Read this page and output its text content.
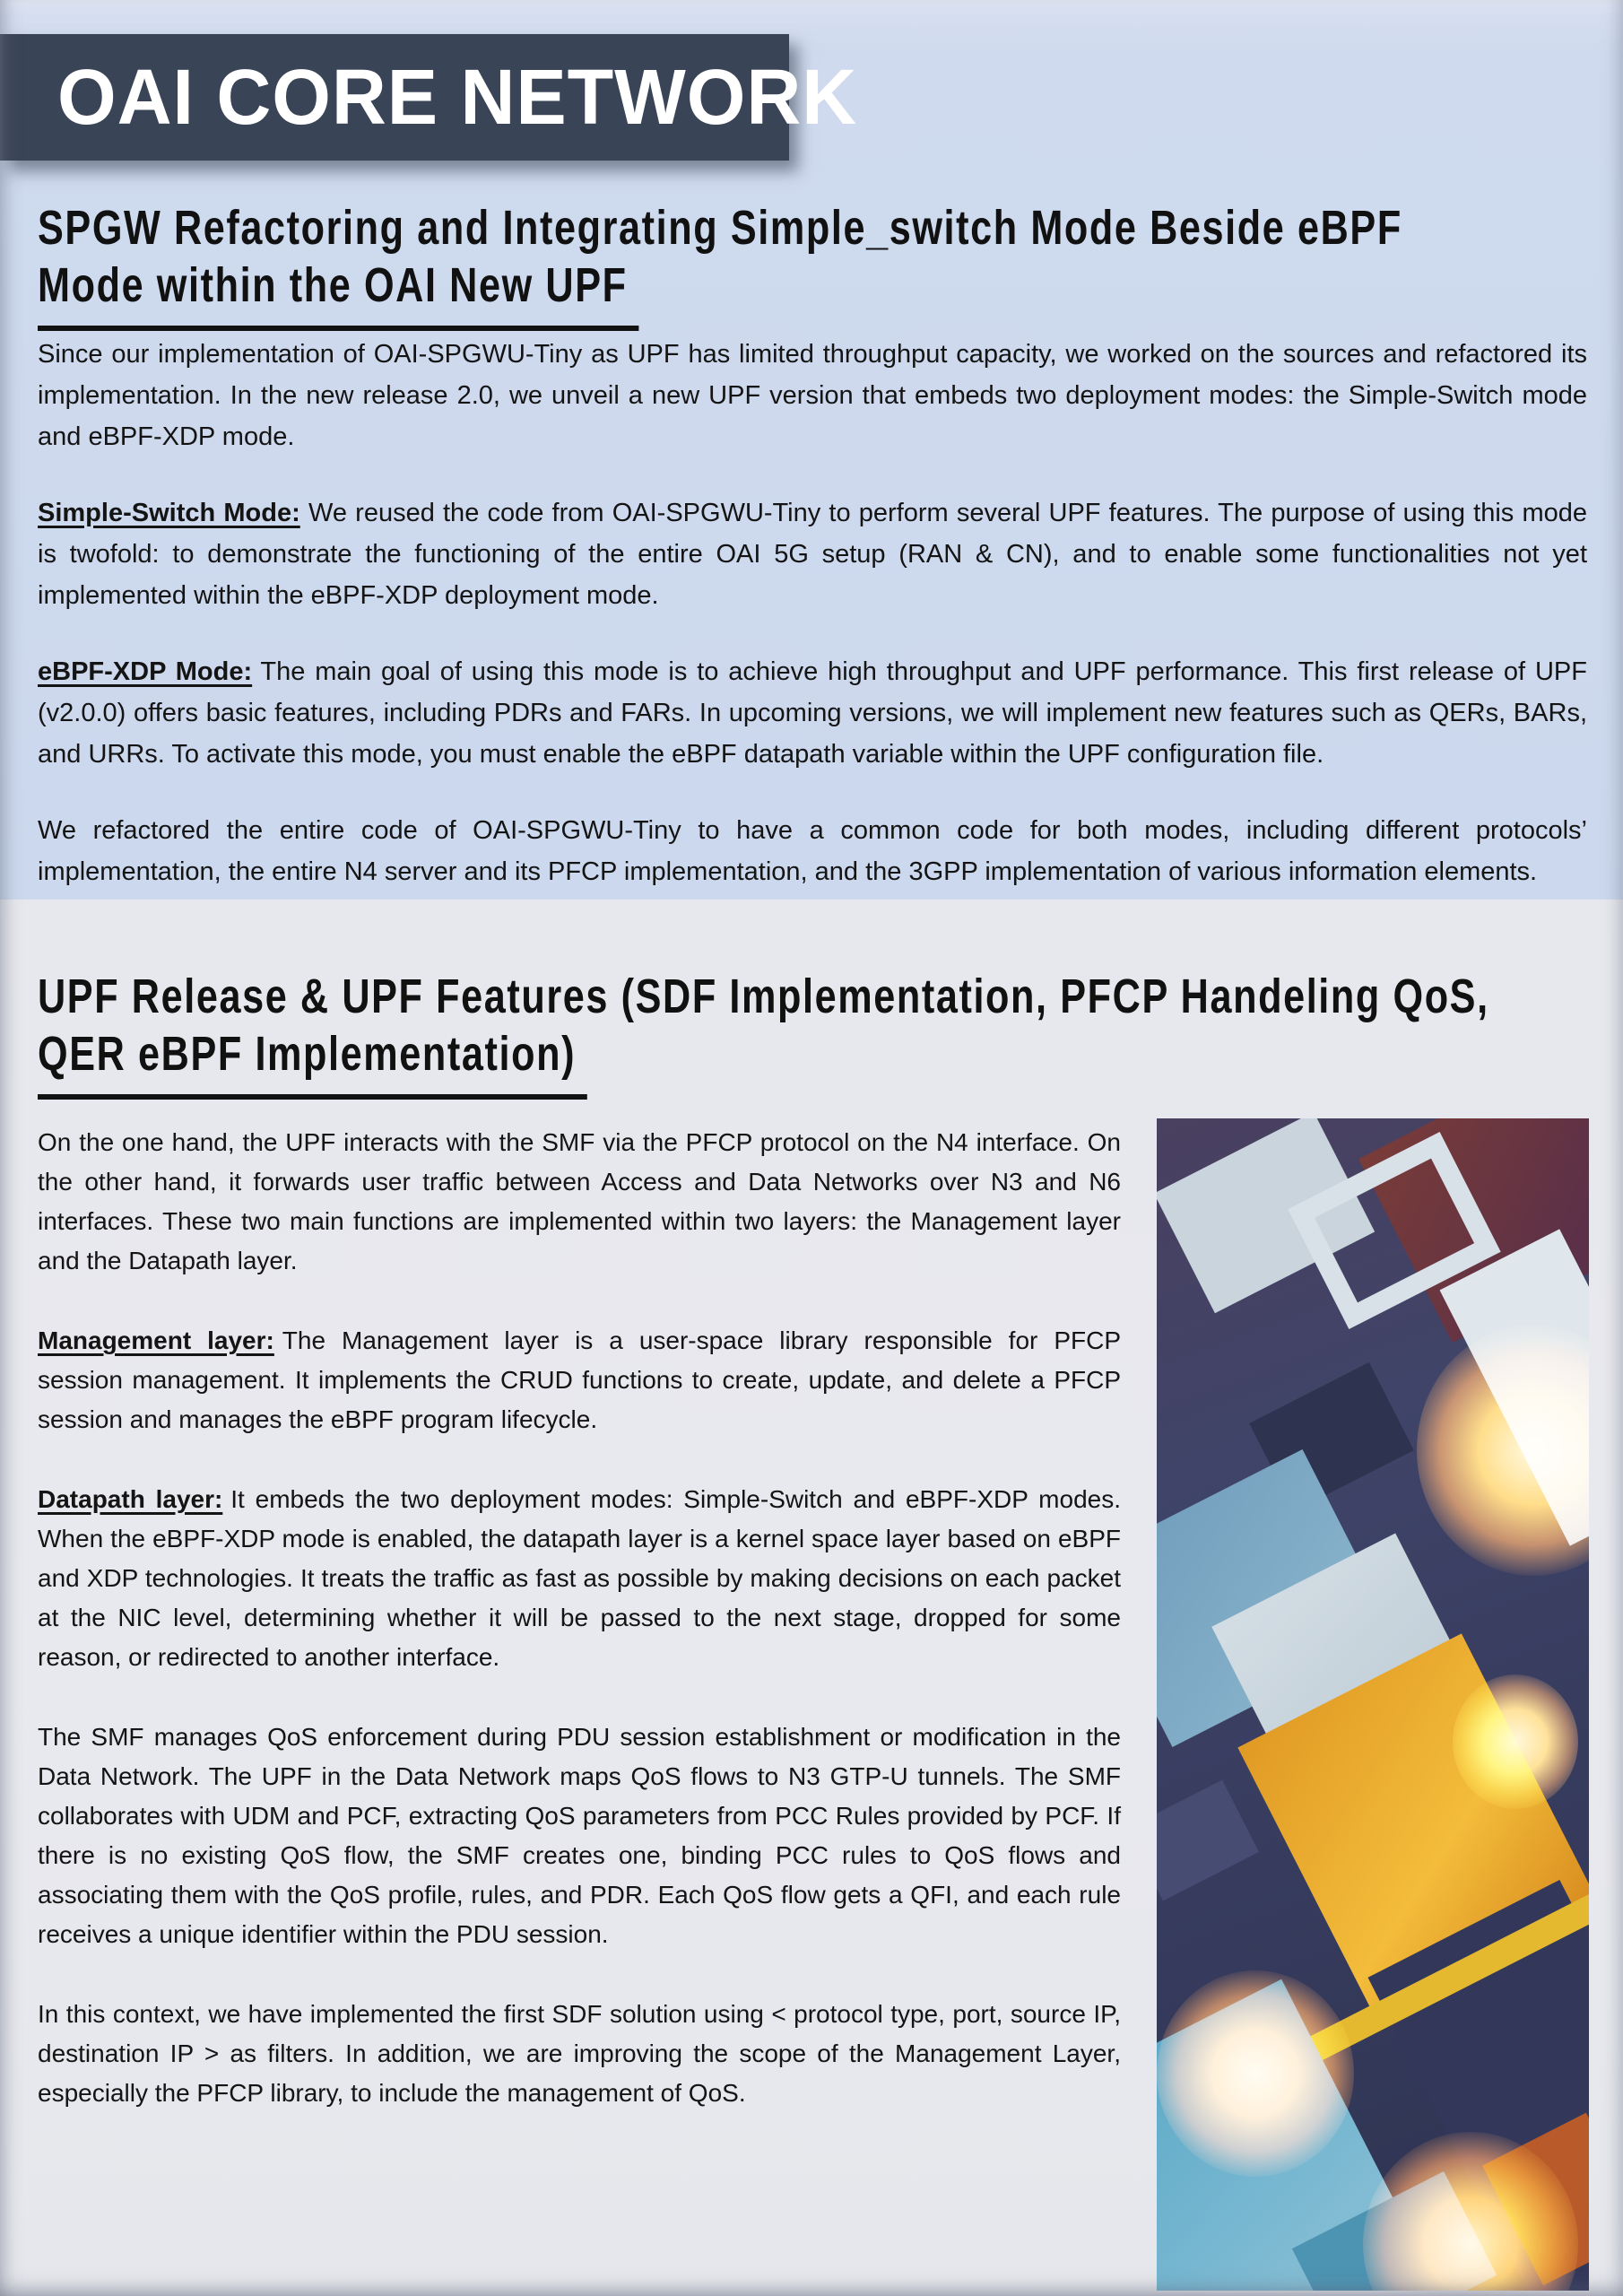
OAI CORE NETWORK
SPGW Refactoring and Integrating Simple_switch Mode Beside eBPF
Mode within the OAI New UPF

Since our implementation of OAI-SPGWU-Tiny as UPF has limited throughput capacity, we worked on the sources and refactored its implementation. In the new release 2.0, we unveil a new UPF version that embeds two deployment modes: the Simple-Switch mode and eBPF-XDP mode.

Simple-Switch Mode: We reused the code from OAI-SPGWU-Tiny to perform several UPF features. The purpose of using this mode is twofold: to demonstrate the functioning of the entire OAI 5G setup (RAN & CN), and to enable some functionalities not yet implemented within the eBPF-XDP deployment mode.

eBPF-XDP Mode: The main goal of using this mode is to achieve high throughput and UPF performance. This first release of UPF (v2.0.0) offers basic features, including PDRs and FARs. In upcoming versions, we will implement new features such as QERs, BARs, and URRs. To activate this mode, you must enable the eBPF datapath variable within the UPF configuration file.

We refactored the entire code of OAI-SPGWU-Tiny to have a common code for both modes, including different protocols’ implementation, the entire N4 server and its PFCP implementation, and the 3GPP implementation of various information elements.

UPF Release & UPF Features (SDF Implementation, PFCP Handeling QoS,
QER eBPF Implementation)

On the one hand, the UPF interacts with the SMF via the PFCP protocol on the N4 interface. On the other hand, it forwards user traffic between Access and Data Networks over N3 and N6 interfaces. These two main functions are implemented within two layers: the Management layer and the Datapath layer.

Management layer: The Management layer is a user-space library responsible for PFCP session management. It implements the CRUD functions to create, update, and delete a PFCP session and manages the eBPF program lifecycle.

Datapath layer: It embeds the two deployment modes: Simple-Switch and eBPF-XDP modes. When the eBPF-XDP mode is enabled, the datapath layer is a kernel space layer based on eBPF and XDP technologies. It treats the traffic as fast as possible by making decisions on each packet at the NIC level, determining whether it will be passed to the next stage, dropped for some reason, or redirected to another interface.

The SMF manages QoS enforcement during PDU session establishment or modification in the Data Network. The UPF in the Data Network maps QoS flows to N3 GTP-U tunnels. The SMF collaborates with UDM and PCF, extracting QoS parameters from PCC Rules provided by PCF. If there is no existing QoS flow, the SMF creates one, binding PCC rules to QoS flows and associating them with the QoS profile, rules, and PDR. Each QoS flow gets a QFI, and each rule receives a unique identifier within the PDU session.

In this context, we have implemented the first SDF solution using < protocol type, port, source IP, destination IP > as filters. In addition, we are improving the scope of the Management Layer, especially the PFCP library, to include the management of QoS.
